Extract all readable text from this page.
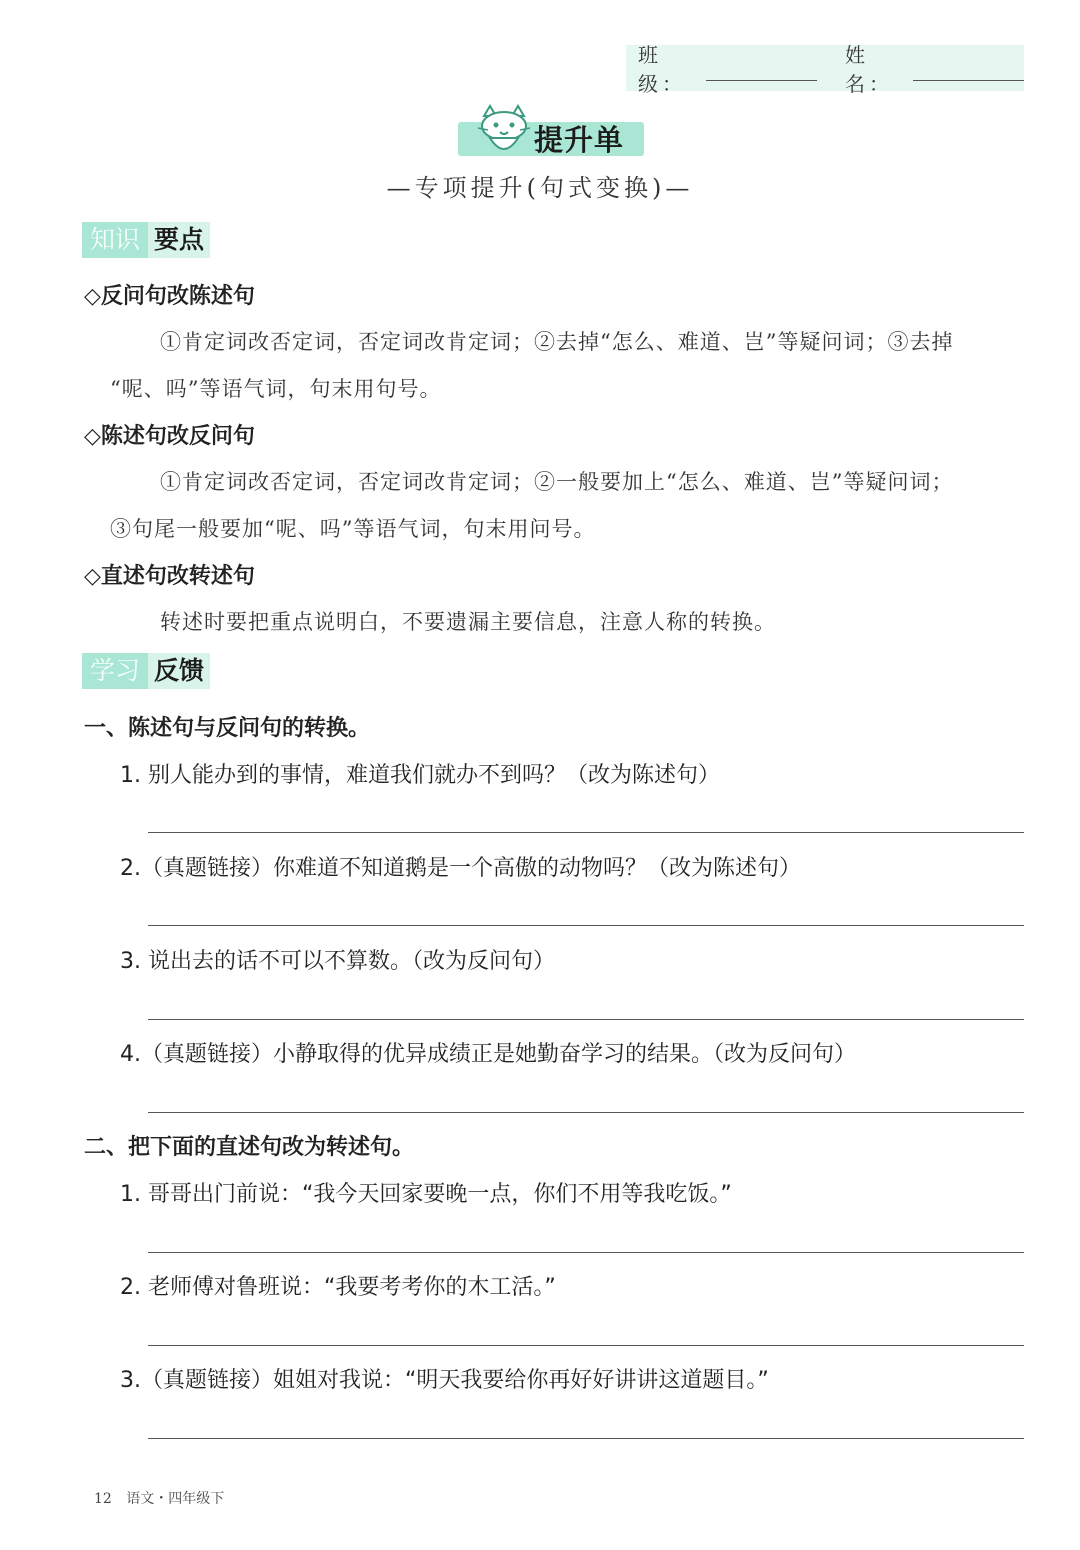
班级：
姓名：
提升单
—专项提升(句式变换)—
知识 要点
◇反问句改陈述句
①肯定词改否定词，否定词改肯定词；②去掉“怎么、难道、岂”等疑问词；③去掉
“呢、吗”等语气词，句末用句号。
◇陈述句改反问句
①肯定词改否定词，否定词改肯定词；②一般要加上“怎么、难道、岂”等疑问词；
③句尾一般要加“呢、吗”等语气词，句末用问号。
◇直述句改转述句
转述时要把重点说明白，不要遗漏主要信息，注意人称的转换。
学习 反馈
一、陈述句与反问句的转换。
1. 别人能办到的事情，难道我们就办不到吗？（改为陈述句）
2.（真题链接）你难道不知道鹅是一个高傲的动物吗？（改为陈述句）
3. 说出去的话不可以不算数。（改为反问句）
4.（真题链接）小静取得的优异成绩正是她勤奋学习的结果。（改为反问句）
二、把下面的直述句改为转述句。
1. 哥哥出门前说：“我今天回家要晚一点，你们不用等我吃饭。”
2. 老师傅对鲁班说：“我要考考你的木工活。”
3.（真题链接）姐姐对我说：“明天我要给你再好好讲讲这道题目。”
12 语文・四年级下
